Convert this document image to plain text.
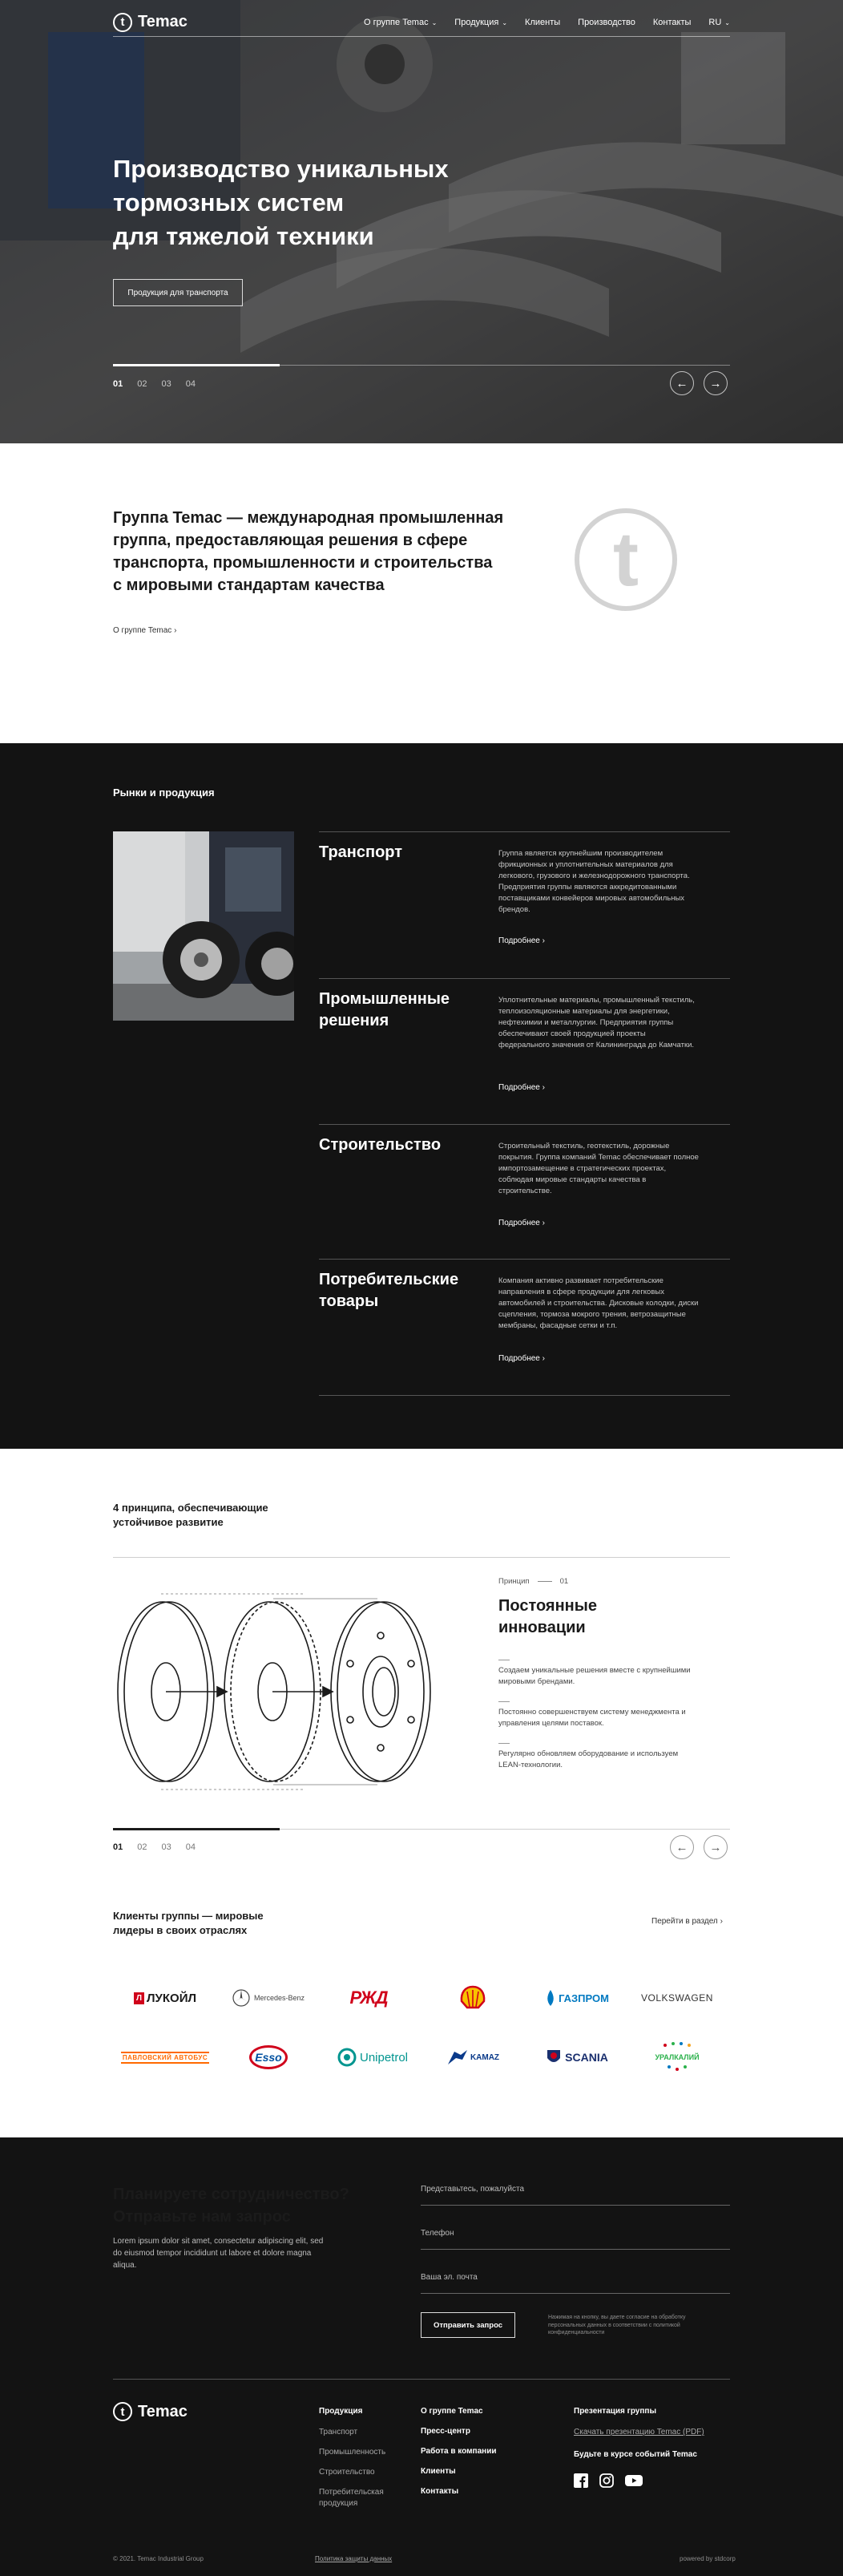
t Temac	О группе Temac ⌄ Продукция ⌄ Клиенты Производство Контакты RU ⌄
Производство уникальных
тормозных систем
для тяжелой техники
Продукция для транспорта
01 02 03 04	←	→
Группа Temac — международная промышленная группа, предоставляющая решения в сфере транспорта, промышленности и строительства с мировыми стандартам качества
О группе Temac ›
t
Рынки и продукция
Транспорт	Группа является крупнейшим производителем фрикционных и уплотнительных материалов для легкового, грузового и железнодорожного транспорта. Предприятия группы являются аккредитованными поставщиками конвейеров мировых автомобильных брендов.
Подробнее ›
Промышленные решения
Уплотнительные материалы, промышленный текстиль, теплоизоляционные материалы для энергетики, нефтехимии и металлургии. Предприятия группы обеспечивают своей продукцией проекты федерального значения от Калининграда до Камчатки.
Подробнее ›
Строительство	Строительный текстиль, геотекстиль, дорожные покрытия. Группа компаний Temac обеспечивает полное импортозамещение в стратегических проектах, соблюдая мировые стандарты качества в строительстве.
Подробнее ›
Потребительские товары
Компания активно развивает потребительские направления в сфере продукции для легковых автомобилей и строительства. Дисковые колодки, диски сцепления, тормоза мокрого трения, ветрозащитные мембраны, фасадные сетки и т.п.
Подробнее ›
4 принципа, обеспечивающие устойчивое развитие
Принцип	01
Постоянные инновации
Создаем уникальные решения вместе с крупнейшими мировыми брендами.
Постоянно совершенствуем систему менеджмента и управления целями поставок.
Регулярно обновляем оборудование и используем LEAN-технологии.
01 02 03 04	←	→
Клиенты группы — мировые лидеры в своих отраслях
Перейти в раздел ›
Л ЛУКОЙЛ	Mercedes-Benz	РЖД	ГАЗПРОМ	VOLKSWAGEN
ПАВЛОВСКИЙ АВТОБУС	Esso	Unipetrol	KAMAZ	SCANIA	УРАЛКАЛИЙ
Планируете сотрудничество? Отправьте нам запрос
Lorem ipsum dolor sit amet, consectetur adipiscing elit, sed do eiusmod tempor incididunt ut labore et dolore magna aliqua.
Представьтесь, пожалуйста
Телефон
Ваша эл. почта
Отправить запрос
Нажимая на кнопку, вы даете согласие на обработку персональных данных в соответствии с политикой конфиденциальности
t Temac	Продукция
Транспорт
Промышленность
Строительство
Потребительская продукция
О группе Temac
Пресс-центр
Работа в компании
Клиенты
Контакты
Презентация группы
Скачать презентацию Temac (PDF)
Будьте в курсе событий Temac
© 2021. Temac Industrial Group	Политика защиты данных	powered by stdcorp
